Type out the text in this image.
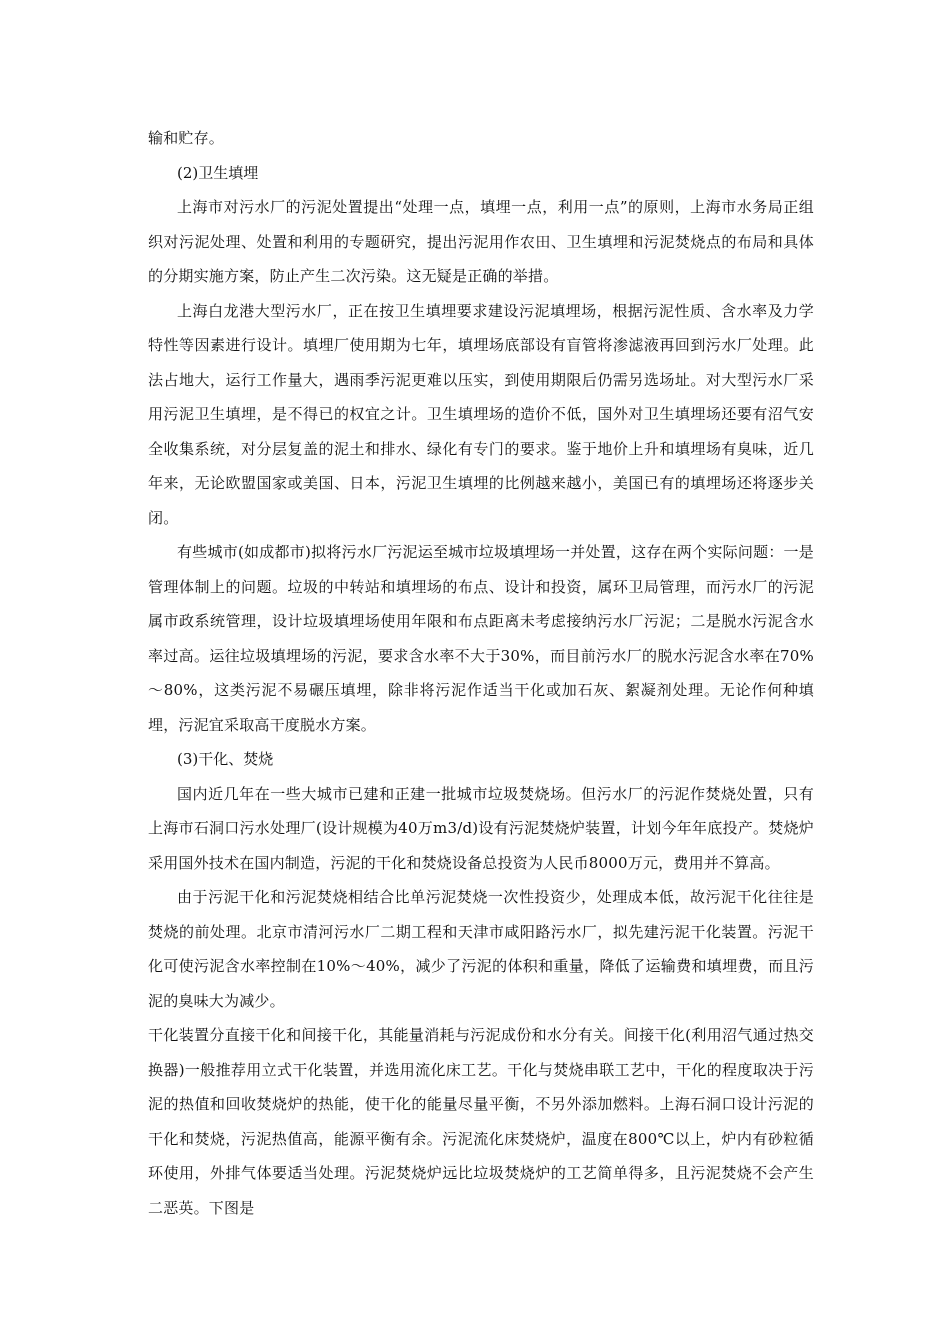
输和贮存。

(2)卫生填埋

上海市对污水厂的污泥处置提出“处理一点，填埋一点，利用一点”的原则，上海市水务局正组织对污泥处理、处置和利用的专题研究，提出污泥用作农田、卫生填埋和污泥焚烧点的布局和具体的分期实施方案，防止产生二次污染。这无疑是正确的举措。

上海白龙港大型污水厂，正在按卫生填埋要求建设污泥填埋场，根据污泥性质、含水率及力学特性等因素进行设计。填埋厂使用期为七年，填埋场底部设有盲管将渗滤液再回到污水厂处理。此法占地大，运行工作量大，遇雨季污泥更难以压实，到使用期限后仍需另选场址。对大型污水厂采用污泥卫生填埋，是不得已的权宜之计。卫生填埋场的造价不低，国外对卫生填埋场还要有沼气安全收集系统，对分层复盖的泥土和排水、绿化有专门的要求。鉴于地价上升和填埋场有臭味，近几年来，无论欧盟国家或美国、日本，污泥卫生填埋的比例越来越小，美国已有的填埋场还将逐步关闭。

有些城市(如成都市)拟将污水厂污泥运至城市垃圾填埋场一并处置，这存在两个实际问题：一是管理体制上的问题。垃圾的中转站和填埋场的布点、设计和投资，属环卫局管理，而污水厂的污泥属市政系统管理，设计垃圾填埋场使用年限和布点距离未考虑接纳污水厂污泥；二是脱水污泥含水率过高。运往垃圾填埋场的污泥，要求含水率不大于30%，而目前污水厂的脱水污泥含水率在70%～80%，这类污泥不易碾压填埋，除非将污泥作适当干化或加石灰、絮凝剂处理。无论作何种填埋，污泥宜采取高干度脱水方案。

(3)干化、焚烧

国内近几年在一些大城市已建和正建一批城市垃圾焚烧场。但污水厂的污泥作焚烧处置，只有上海市石洞口污水处理厂(设计规模为40万m3/d)设有污泥焚烧炉装置，计划今年年底投产。焚烧炉采用国外技术在国内制造，污泥的干化和焚烧设备总投资为人民币8000万元，费用并不算高。

由于污泥干化和污泥焚烧相结合比单污泥焚烧一次性投资少，处理成本低，故污泥干化往往是焚烧的前处理。北京市清河污水厂二期工程和天津市咸阳路污水厂，拟先建污泥干化装置。污泥干化可使污泥含水率控制在10%～40%，减少了污泥的体积和重量，降低了运输费和填埋费，而且污泥的臭味大为减少。

干化装置分直接干化和间接干化，其能量消耗与污泥成份和水分有关。间接干化(利用沼气通过热交换器)一般推荐用立式干化装置，并选用流化床工艺。干化与焚烧串联工艺中，干化的程度取决于污泥的热值和回收焚烧炉的热能，使干化的能量尽量平衡，不另外添加燃料。上海石洞口设计污泥的干化和焚烧，污泥热值高，能源平衡有余。污泥流化床焚烧炉，温度在800℃以上，炉内有砂粒循环使用，外排气体要适当处理。污泥焚烧炉远比垃圾焚烧炉的工艺简单得多，且污泥焚烧不会产生二恶英。下图是
